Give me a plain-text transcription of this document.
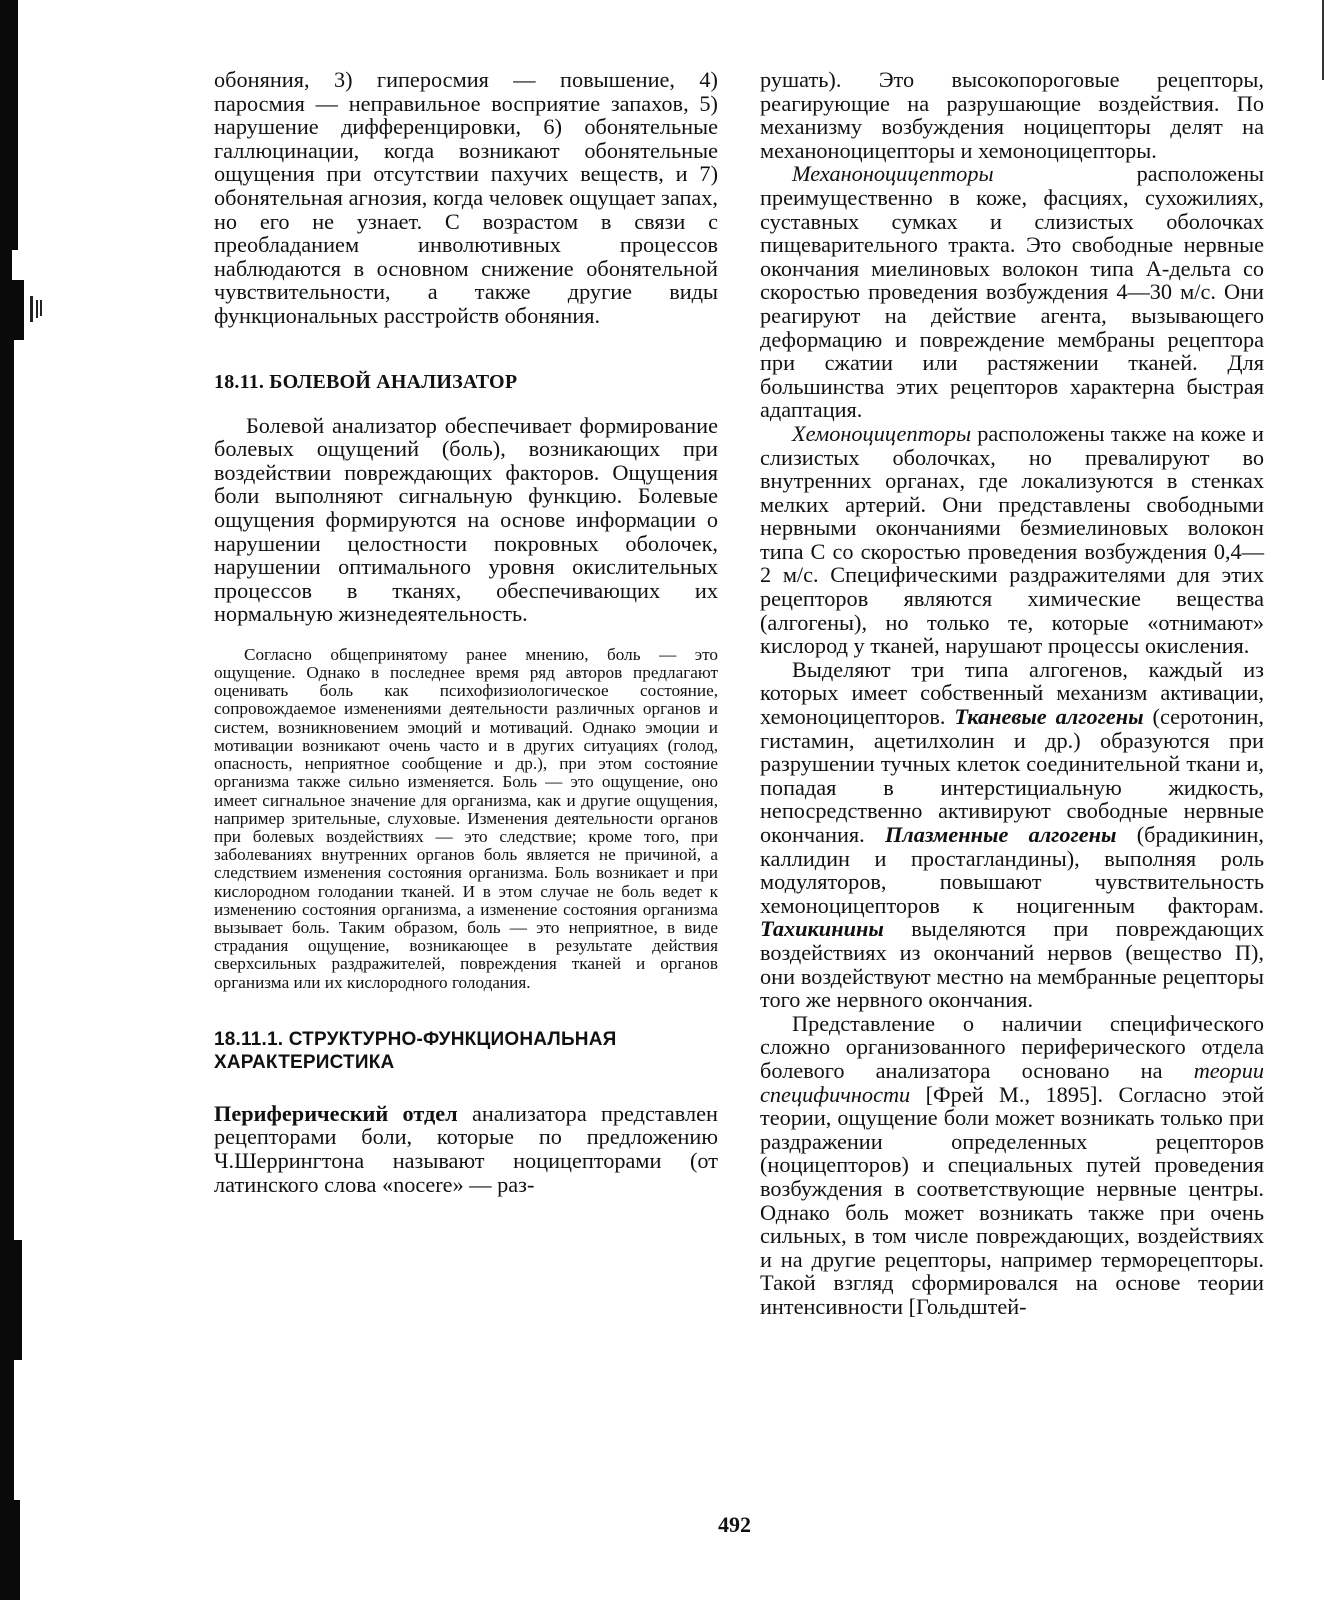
обоняния, 3) гиперосмия — повышение, 4) паросмия — неправильное восприятие запахов, 5) нарушение дифференцировки, 6) обонятельные галлюцинации, когда возникают обонятельные ощущения при отсутствии пахучих веществ, и 7) обонятельная агнозия, когда человек ощущает запах, но его не узнает. С возрастом в связи с преобладанием инволютивных процессов наблюдаются в основном снижение обонятельной чувствительности, а также другие виды функциональных расстройств обоняния.

18.11. БОЛЕВОЙ АНАЛИЗАТОР

Болевой анализатор обеспечивает формирование болевых ощущений (боль), возникающих при воздействии повреждающих факторов. Ощущения боли выполняют сигнальную функцию. Болевые ощущения формируются на основе информации о нарушении целостности покровных оболочек, нарушении оптимального уровня окислительных процессов в тканях, обеспечивающих их нормальную жизнедеятельность.

Согласно общепринятому ранее мнению, боль — это ощущение. Однако в последнее время ряд авторов предлагают оценивать боль как психофизиологическое состояние, сопровождаемое изменениями деятельности различных органов и систем, возникновением эмоций и мотиваций. Однако эмоции и мотивации возникают очень часто и в других ситуациях (голод, опасность, неприятное сообщение и др.), при этом состояние организма также сильно изменяется. Боль — это ощущение, оно имеет сигнальное значение для организма, как и другие ощущения, например зрительные, слуховые. Изменения деятельности органов при болевых воздействиях — это следствие; кроме того, при заболеваниях внутренних органов боль является не причиной, а следствием изменения состояния организма. Боль возникает и при кислородном голодании тканей. И в этом случае не боль ведет к изменению состояния организма, а изменение состояния организма вызывает боль. Таким образом, боль — это неприятное, в виде страдания ощущение, возникающее в результате действия сверхсильных раздражителей, повреждения тканей и органов организма или их кислородного голодания.

18.11.1. СТРУКТУРНО-ФУНКЦИОНАЛЬНАЯ ХАРАКТЕРИСТИКА

Периферический отдел анализатора представлен рецепторами боли, которые по предложению Ч.Шеррингтона называют ноцицепторами (от латинского слова «nocere» — раз-

рушать). Это высокопороговые рецепторы, реагирующие на разрушающие воздействия. По механизму возбуждения ноцицепторы делят на механоноцицепторы и хемоноцицепторы.

Механоноцицепторы расположены преимущественно в коже, фасциях, сухожилиях, суставных сумках и слизистых оболочках пищеварительного тракта. Это свободные нервные окончания миелиновых волокон типа А-дельта со скоростью проведения возбуждения 4—30 м/с. Они реагируют на действие агента, вызывающего деформацию и повреждение мембраны рецептора при сжатии или растяжении тканей. Для большинства этих рецепторов характерна быстрая адаптация.

Хемоноцицепторы расположены также на коже и слизистых оболочках, но превалируют во внутренних органах, где локализуются в стенках мелких артерий. Они представлены свободными нервными окончаниями безмиелиновых волокон типа С со скоростью проведения возбуждения 0,4—2 м/с. Специфическими раздражителями для этих рецепторов являются химические вещества (алгогены), но только те, которые «отнимают» кислород у тканей, нарушают процессы окисления.

Выделяют три типа алгогенов, каждый из которых имеет собственный механизм активации, хемоноцицепторов. Тканевые алгогены (серотонин, гистамин, ацетилхолин и др.) образуются при разрушении тучных клеток соединительной ткани и, попадая в интерстициальную жидкость, непосредственно активируют свободные нервные окончания. Плазменные алгогены (брадикинин, каллидин и простагландины), выполняя роль модуляторов, повышают чувствительность хемоноцицепторов к ноцигенным факторам. Тахикинины выделяются при повреждающих воздействиях из окончаний нервов (вещество П), они воздействуют местно на мембранные рецепторы того же нервного окончания.

Представление о наличии специфического сложно организованного периферического отдела болевого анализатора основано на теории специфичности [Фрей М., 1895]. Согласно этой теории, ощущение боли может возникать только при раздражении определенных рецепторов (ноцицепторов) и специальных путей проведения возбуждения в соответствующие нервные центры. Однако боль может возникать также при очень сильных, в том числе повреждающих, воздействиях и на другие рецепторы, например терморецепторы. Такой взгляд сформировался на основе теории интенсивности [Гольдштей-

492
